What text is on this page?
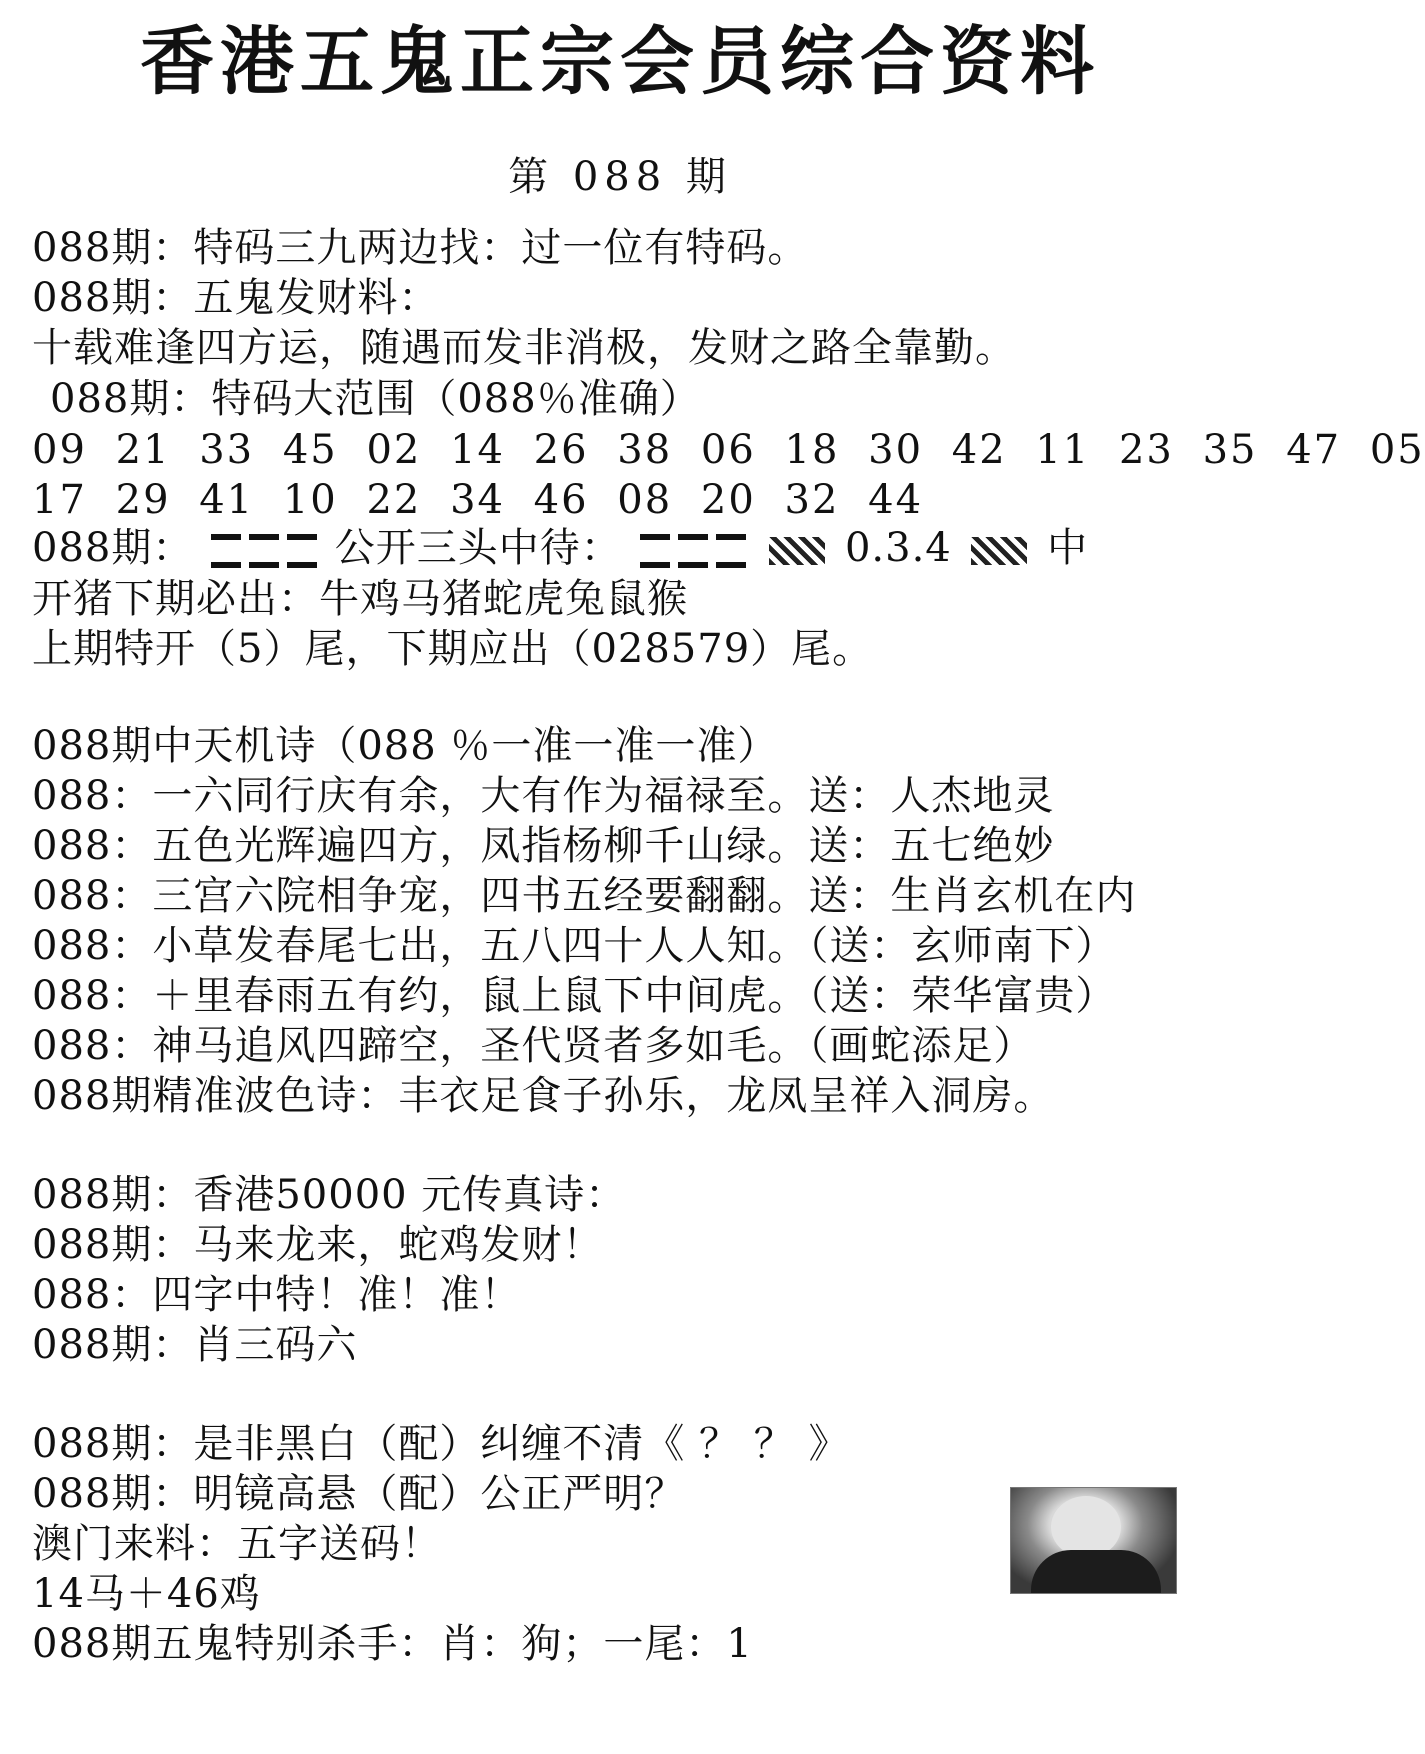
香港五鬼正宗会员综合资料
第 088 期
088期：特码三九两边找：过一位有特码。
088期：五鬼发财料：
十载难逢四方运，随遇而发非消极，发财之路全靠勤。
088期：特码大范围（088％准确）
09 21 33 45 02 14 26 38 06 18 30 42 11 23 35 47 05
17 29 41 10 22 34 46 08 20 32 44
088期：	公开三头中待：	0.3.4 中
开猪下期必出：牛鸡马猪蛇虎兔鼠猴
上期特开（5）尾，下期应出（028579）尾。
088期中天机诗（088 ％一准一准一准）
088：一六同行庆有余，大有作为福禄至。送：人杰地灵
088：五色光辉遍四方，凤指杨柳千山绿。送：五七绝妙
088：三宫六院相争宠，四书五经要翻翻。送：生肖玄机在内
088：小草发春尾七出，五八四十人人知。（送：玄师南下）
088：＋里春雨五有约，鼠上鼠下中间虎。（送：荣华富贵）
088：神马追风四蹄空，圣代贤者多如毛。（画蛇添足）
088期精准波色诗：丰衣足食子孙乐，龙凤呈祥入洞房。
088期：香港50000 元传真诗：
088期：马来龙来，蛇鸡发财！
088：四字中特！准！准！
088期：肖三码六
088期：是非黑白（配）纠缠不清《 ？ ？ 》
088期：明镜高悬（配）公正严明？
澳门来料：五字送码！
14马＋46鸡
088期五鬼特别杀手：肖：狗；一尾：1
